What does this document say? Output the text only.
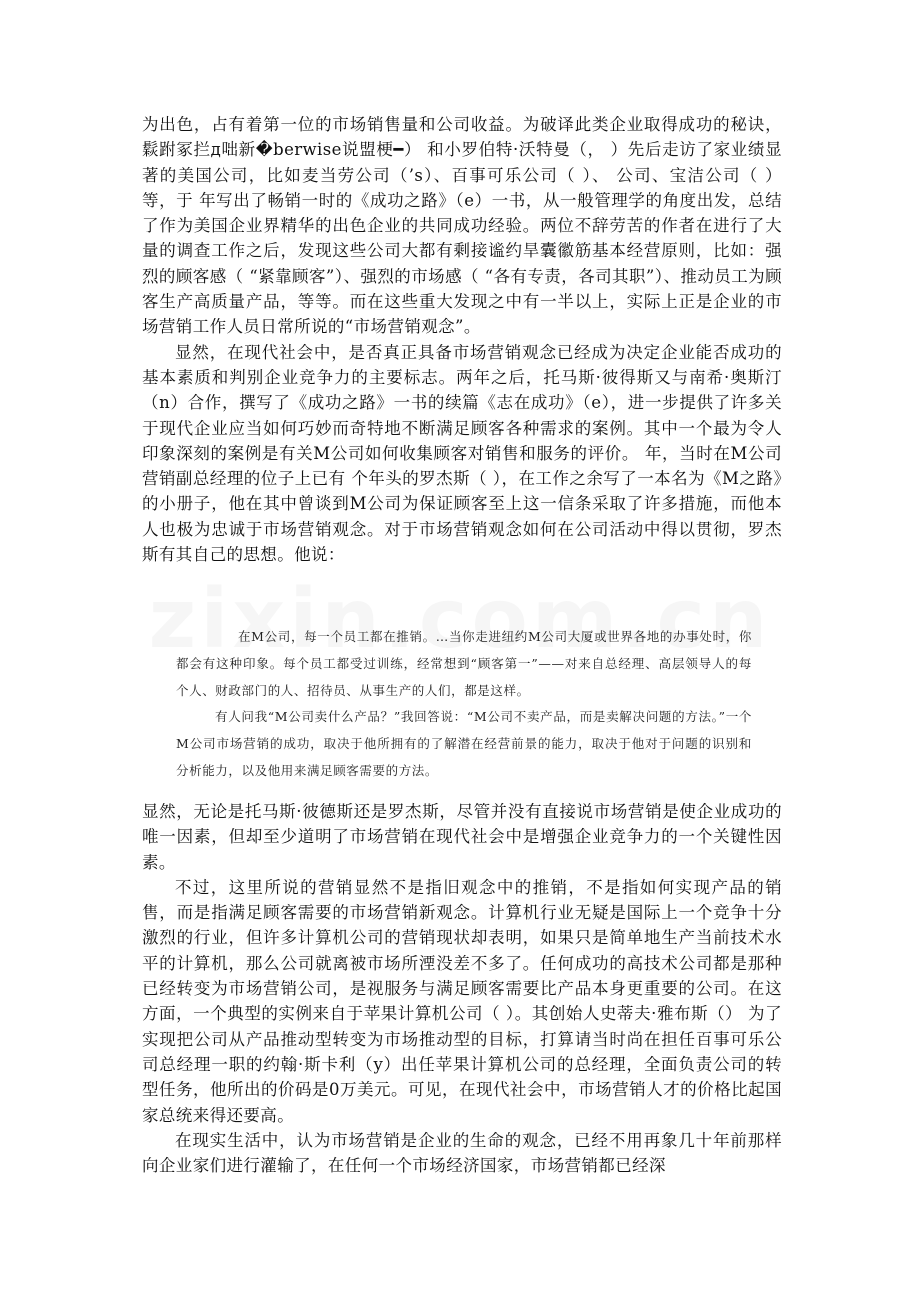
为出色，占有着第一位的市场销售量和公司收益。为破译此类企业取得成功的秘诀，鬏跗冢拦д咄新�berwise说盟梗━） 和小罗伯特·沃特曼（， ）先后走访了家业绩显著的美国公司，比如麦当劳公司（’s）、百事可乐公司（ ）、 公司、宝洁公司（ ）等，于 年写出了畅销一时的《成功之路》（e）一书，从一般管理学的角度出发，总结了作为美国企业界精华的出色企业的共同成功经验。两位不辞劳苦的作者在进行了大量的调查工作之后，发现这些公司大都有剩接谧约旱囊徽筋基本经营原则，比如：强烈的顾客感（ “紧靠顾客”）、强烈的市场感（ “各有专责，各司其职”）、推动员工为顾客生产高质量产品，等等。而在这些重大发现之中有一半以上，实际上正是企业的市场营销工作人员日常所说的“市场营销观念”。

显然，在现代社会中，是否真正具备市场营销观念已经成为决定企业能否成功的基本素质和判别企业竞争力的主要标志。两年之后，托马斯·彼得斯又与南希·奥斯汀（n）合作，撰写了《成功之路》一书的续篇《志在成功》（e），进一步提供了许多关于现代企业应当如何巧妙而奇特地不断满足顾客各种需求的案例。其中一个最为令人印象深刻的案例是有关M公司如何收集顾客对销售和服务的评价。 年，当时在M公司营销副总经理的位子上已有 个年头的罗杰斯（ ），在工作之余写了一本名为《M之路》的小册子，他在其中曾谈到M公司为保证顾客至上这一信条采取了许多措施，而他本人也极为忠诚于市场营销观念。对于市场营销观念如何在公司活动中得以贯彻，罗杰斯有其自己的思想。他说：

在M公司，每一个员工都在推销。…当你走进纽约M公司大厦或世界各地的办事处时，你都会有这种印象。每个员工都受过训练，经常想到“顾客第一”——对来自总经理、高层领导人的每个人、财政部门的人、招待员、从事生产的人们，都是这样。

有人问我“M公司卖什么产品？”我回答说：“M公司不卖产品，而是卖解决问题的方法。”一个M公司市场营销的成功，取决于他所拥有的了解潜在经营前景的能力，取决于他对于问题的识别和分析能力，以及他用来满足顾客需要的方法。

显然，无论是托马斯·彼德斯还是罗杰斯，尽管并没有直接说市场营销是使企业成功的唯一因素，但却至少道明了市场营销在现代社会中是增强企业竞争力的一个关键性因素。

不过，这里所说的营销显然不是指旧观念中的推销，不是指如何实现产品的销售，而是指满足顾客需要的市场营销新观念。计算机行业无疑是国际上一个竞争十分激烈的行业，但许多计算机公司的营销现状却表明，如果只是简单地生产当前技术水平的计算机，那么公司就离被市场所湮没差不多了。任何成功的高技术公司都是那种已经转变为市场营销公司，是视服务与满足顾客需要比产品本身更重要的公司。在这方面，一个典型的实例来自于苹果计算机公司（ ）。其创始人史蒂夫·雅布斯（） 为了实现把公司从产品推动型转变为市场推动型的目标，打算请当时尚在担任百事可乐公司总经理一职的约翰·斯卡利（y）出任苹果计算机公司的总经理，全面负责公司的转型任务，他所出的价码是0万美元。可见，在现代社会中，市场营销人才的价格比起国家总统来得还要高。

在现实生活中，认为市场营销是企业的生命的观念，已经不用再象几十年前那样向企业家们进行灌输了，在任何一个市场经济国家，市场营销都已经深
